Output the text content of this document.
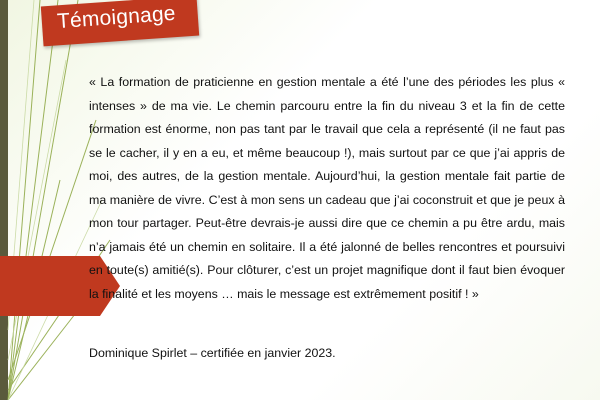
Témoignage

« La formation de praticienne en gestion mentale a été l’une des périodes les plus « intenses » de ma vie. Le chemin parcouru entre la fin du niveau 3 et la fin de cette formation est énorme, non pas tant par le travail que cela a représenté (il ne faut pas se le cacher, il y en a eu, et même beaucoup !), mais surtout par ce que j’ai appris de moi, des autres, de la gestion mentale. Aujourd’hui, la gestion mentale fait partie de ma manière de vivre. C’est à mon sens un cadeau que j’ai coconstruit et que je peux à mon tour partager. Peut-être devrais-je aussi dire que ce chemin a pu être ardu, mais n’a jamais été un chemin en solitaire. Il a été jalonné de belles rencontres et poursuivi en toute(s) amitié(s). Pour clôturer, c’est un projet magnifique dont il faut bien évoquer la finalité et les moyens … mais le message est extrêmement positif ! »

Dominique Spirlet – certifiée en janvier 2023.
